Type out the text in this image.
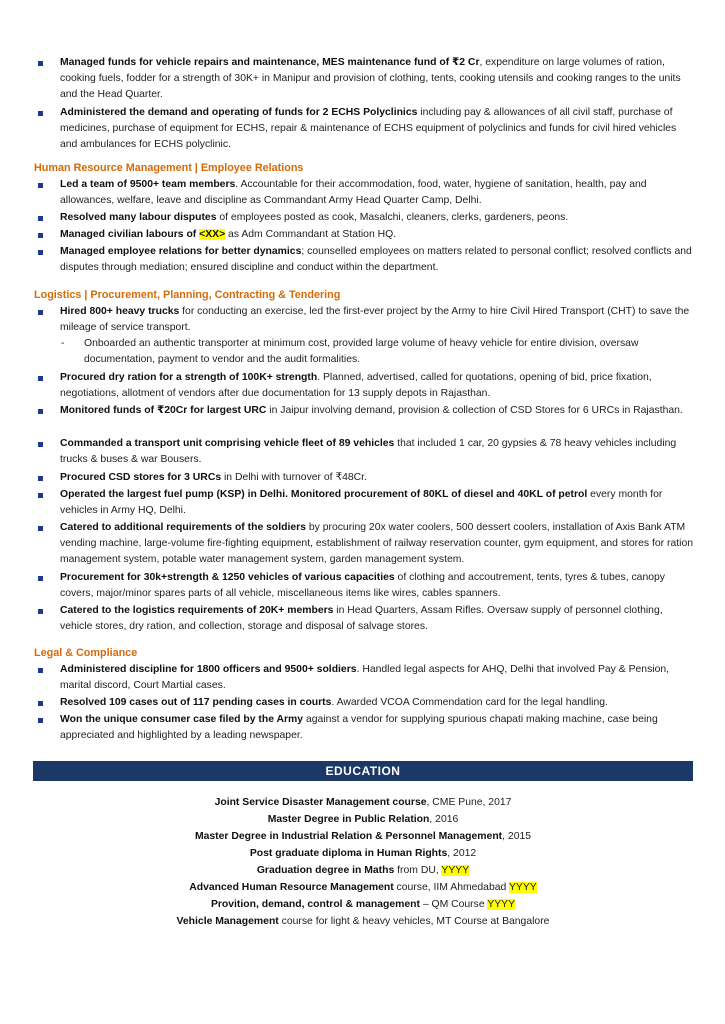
Managed funds for vehicle repairs and maintenance, MES maintenance fund of ₹2 Cr, expenditure on large volumes of ration, cooking fuels, fodder for a strength of 30K+ in Manipur and provision of clothing, tents, cooking utensils and cooking ranges to the units and the Head Quarter.
Administered the demand and operating of funds for 2 ECHS Polyclinics including pay & allowances of all civil staff, purchase of medicines, purchase of equipment for ECHS, repair & maintenance of ECHS equipment of polyclinics and funds for civil hired vehicles and ambulances for ECHS polyclinic.
Human Resource Management | Employee Relations
Led a team of 9500+ team members. Accountable for their accommodation, food, water, hygiene of sanitation, health, pay and allowances, welfare, leave and discipline as Commandant Army Head Quarter Camp, Delhi.
Resolved many labour disputes of employees posted as cook, Masalchi, cleaners, clerks, gardeners, peons.
Managed civilian labours of <XX> as Adm Commandant at Station HQ.
Managed employee relations for better dynamics; counselled employees on matters related to personal conflict; resolved conflicts and disputes through mediation; ensured discipline and conduct within the department.
Logistics | Procurement, Planning, Contracting & Tendering
Hired 800+ heavy trucks for conducting an exercise, led the first-ever project by the Army to hire Civil Hired Transport (CHT) to save the mileage of service transport.
- Onboarded an authentic transporter at minimum cost, provided large volume of heavy vehicle for entire division, oversaw documentation, payment to vendor and the audit formalities.
Procured dry ration for a strength of 100K+ strength. Planned, advertised, called for quotations, opening of bid, price fixation, negotiations, allotment of vendors after due documentation for 13 supply depots in Rajasthan.
Monitored funds of ₹20Cr for largest URC in Jaipur involving demand, provision & collection of CSD Stores for 6 URCs in Rajasthan.
Commanded a transport unit comprising vehicle fleet of 89 vehicles that included 1 car, 20 gypsies & 78 heavy vehicles including trucks & buses & war Bousers.
Procured CSD stores for 3 URCs in Delhi with turnover of ₹48Cr.
Operated the largest fuel pump (KSP) in Delhi. Monitored procurement of 80KL of diesel and 40KL of petrol every month for vehicles in Army HQ, Delhi.
Catered to additional requirements of the soldiers by procuring 20x water coolers, 500 dessert coolers, installation of Axis Bank ATM vending machine, large-volume fire-fighting equipment, establishment of railway reservation counter, gym equipment, and stores for ration management system, potable water management system, garden management system.
Procurement for 30k+strength & 1250 vehicles of various capacities of clothing and accoutrement, tents, tyres & tubes, canopy covers, major/minor spares parts of all vehicle, miscellaneous items like wires, cables spanners.
Catered to the logistics requirements of 20K+ members in Head Quarters, Assam Rifles. Oversaw supply of personnel clothing, vehicle stores, dry ration, and collection, storage and disposal of salvage stores.
Legal & Compliance
Administered discipline for 1800 officers and 9500+ soldiers. Handled legal aspects for AHQ, Delhi that involved Pay & Pension, marital discord, Court Martial cases.
Resolved 109 cases out of 117 pending cases in courts. Awarded VCOA Commendation card for the legal handling.
Won the unique consumer case filed by the Army against a vendor for supplying spurious chapati making machine, case being appreciated and highlighted by a leading newspaper.
EDUCATION
Joint Service Disaster Management course, CME Pune, 2017
Master Degree in Public Relation, 2016
Master Degree in Industrial Relation & Personnel Management, 2015
Post graduate diploma in Human Rights, 2012
Graduation degree in Maths from DU, YYYY
Advanced Human Resource Management course, IIM Ahmedabad YYYY
Provition, demand, control & management – QM Course YYYY
Vehicle Management course for light & heavy vehicles, MT Course at Bangalore
